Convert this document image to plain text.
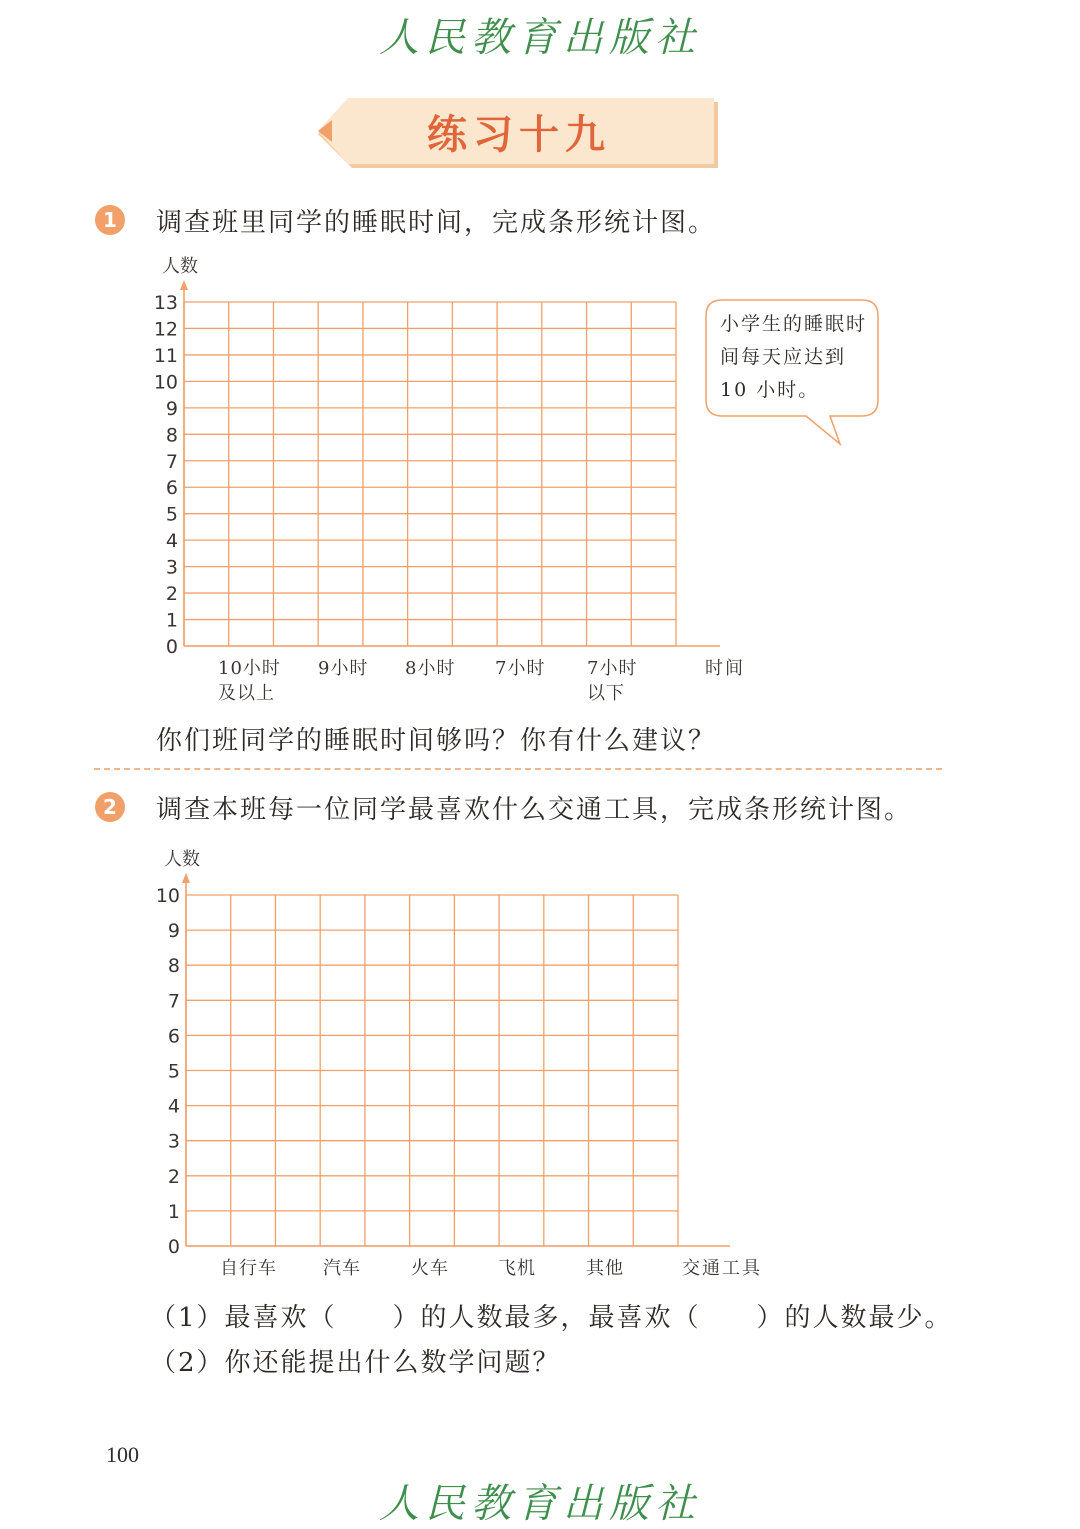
人民教育出版社
练习十九
1	调查班里同学的睡眠时间，完成条形统计图。
人数
0
1
2
3
4
5
6
7
8
9
10
11
12
13
10小时及以上
9小时 8小时 7小时 7小时以下
时间
小学生的睡眠时间每天应达到 10 小时。
你们班同学的睡眠时间够吗？你有什么建议？
2	调查本班每一位同学最喜欢什么交通工具，完成条形统计图。
人数
0
1
2
3
4
5
6
7
8
9
10
自行车	汽车	火车	飞机	其他	交通工具
（1）最喜欢（　　）的人数最多，最喜欢（　　）的人数最少。
（2）你还能提出什么数学问题？
100
人民教育出版社
